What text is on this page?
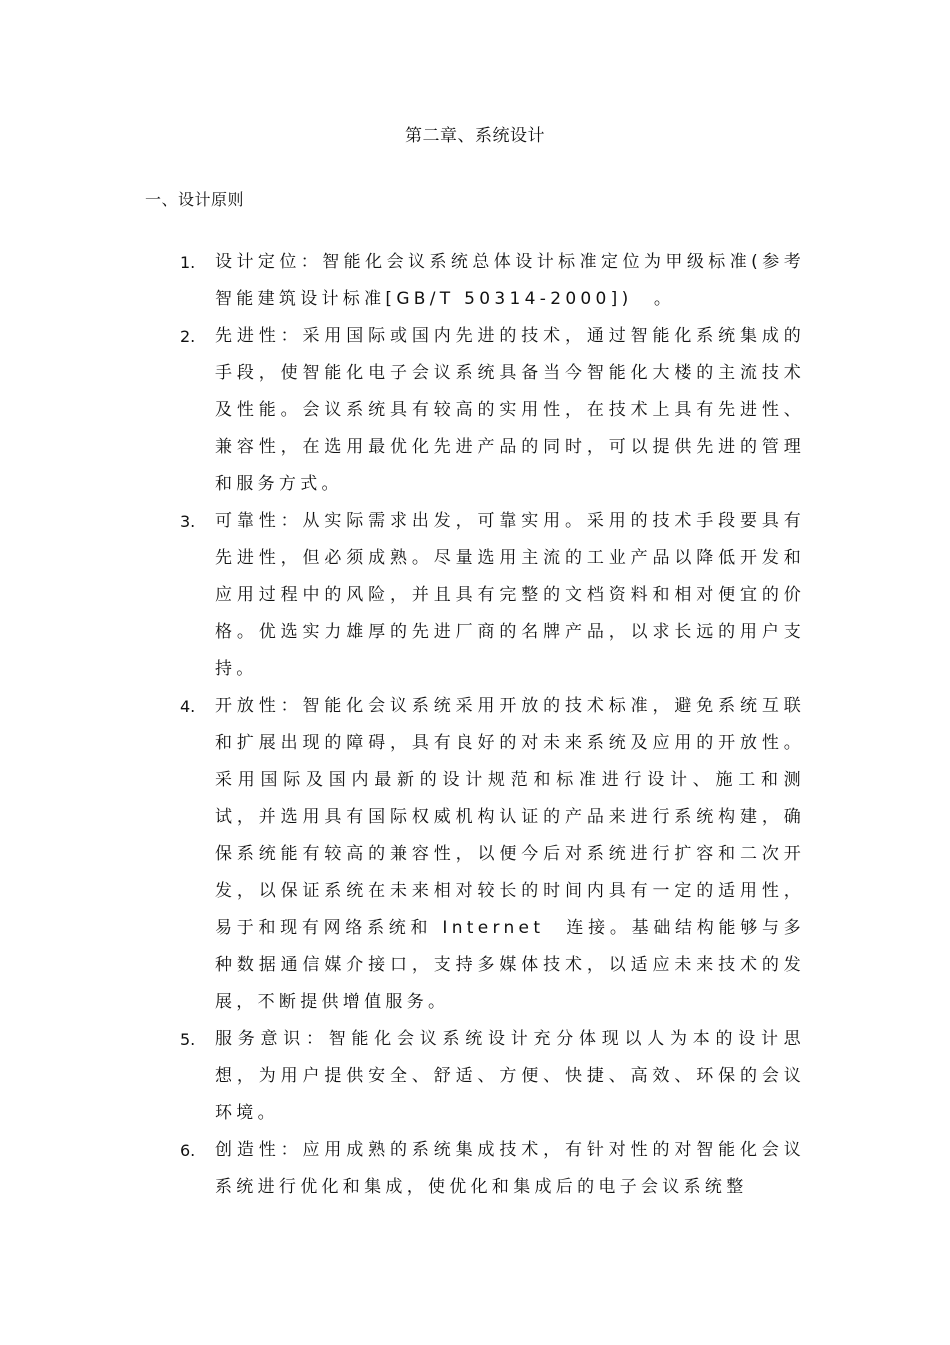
第二章、系统设计
一、设计原则
1. 设计定位：智能化会议系统总体设计标准定位为甲级标准(参考智能建筑设计标准[GB/T 50314-2000])　。
2. 先进性：采用国际或国内先进的技术，通过智能化系统集成的手段，使智能化电子会议系统具备当今智能化大楼的主流技术及性能。会议系统具有较高的实用性，在技术上具有先进性、兼容性，在选用最优化先进产品的同时，可以提供先进的管理和服务方式。
3. 可靠性：从实际需求出发，可靠实用。采用的技术手段要具有先进性，但必须成熟。尽量选用主流的工业产品以降低开发和应用过程中的风险，并且具有完整的文档资料和相对便宜的价格。优选实力雄厚的先进厂商的名牌产品，以求长远的用户支持。
4. 开放性：智能化会议系统采用开放的技术标准，避免系统互联和扩展出现的障碍，具有良好的对未来系统及应用的开放性。采用国际及国内最新的设计规范和标准进行设计、施工和测试，并选用具有国际权威机构认证的产品来进行系统构建，确保系统能有较高的兼容性，以便今后对系统进行扩容和二次开发，以保证系统在未来相对较长的时间内具有一定的适用性，易于和现有网络系统和 Internet　连接。基础结构能够与多种数据通信媒介接口，支持多媒体技术，以适应未来技术的发展，不断提供增值服务。
5. 服务意识：智能化会议系统设计充分体现以人为本的设计思想，为用户提供安全、舒适、方便、快捷、高效、环保的会议环境。
6. 创造性：应用成熟的系统集成技术，有针对性的对智能化会议系统进行优化和集成，使优化和集成后的电子会议系统整
